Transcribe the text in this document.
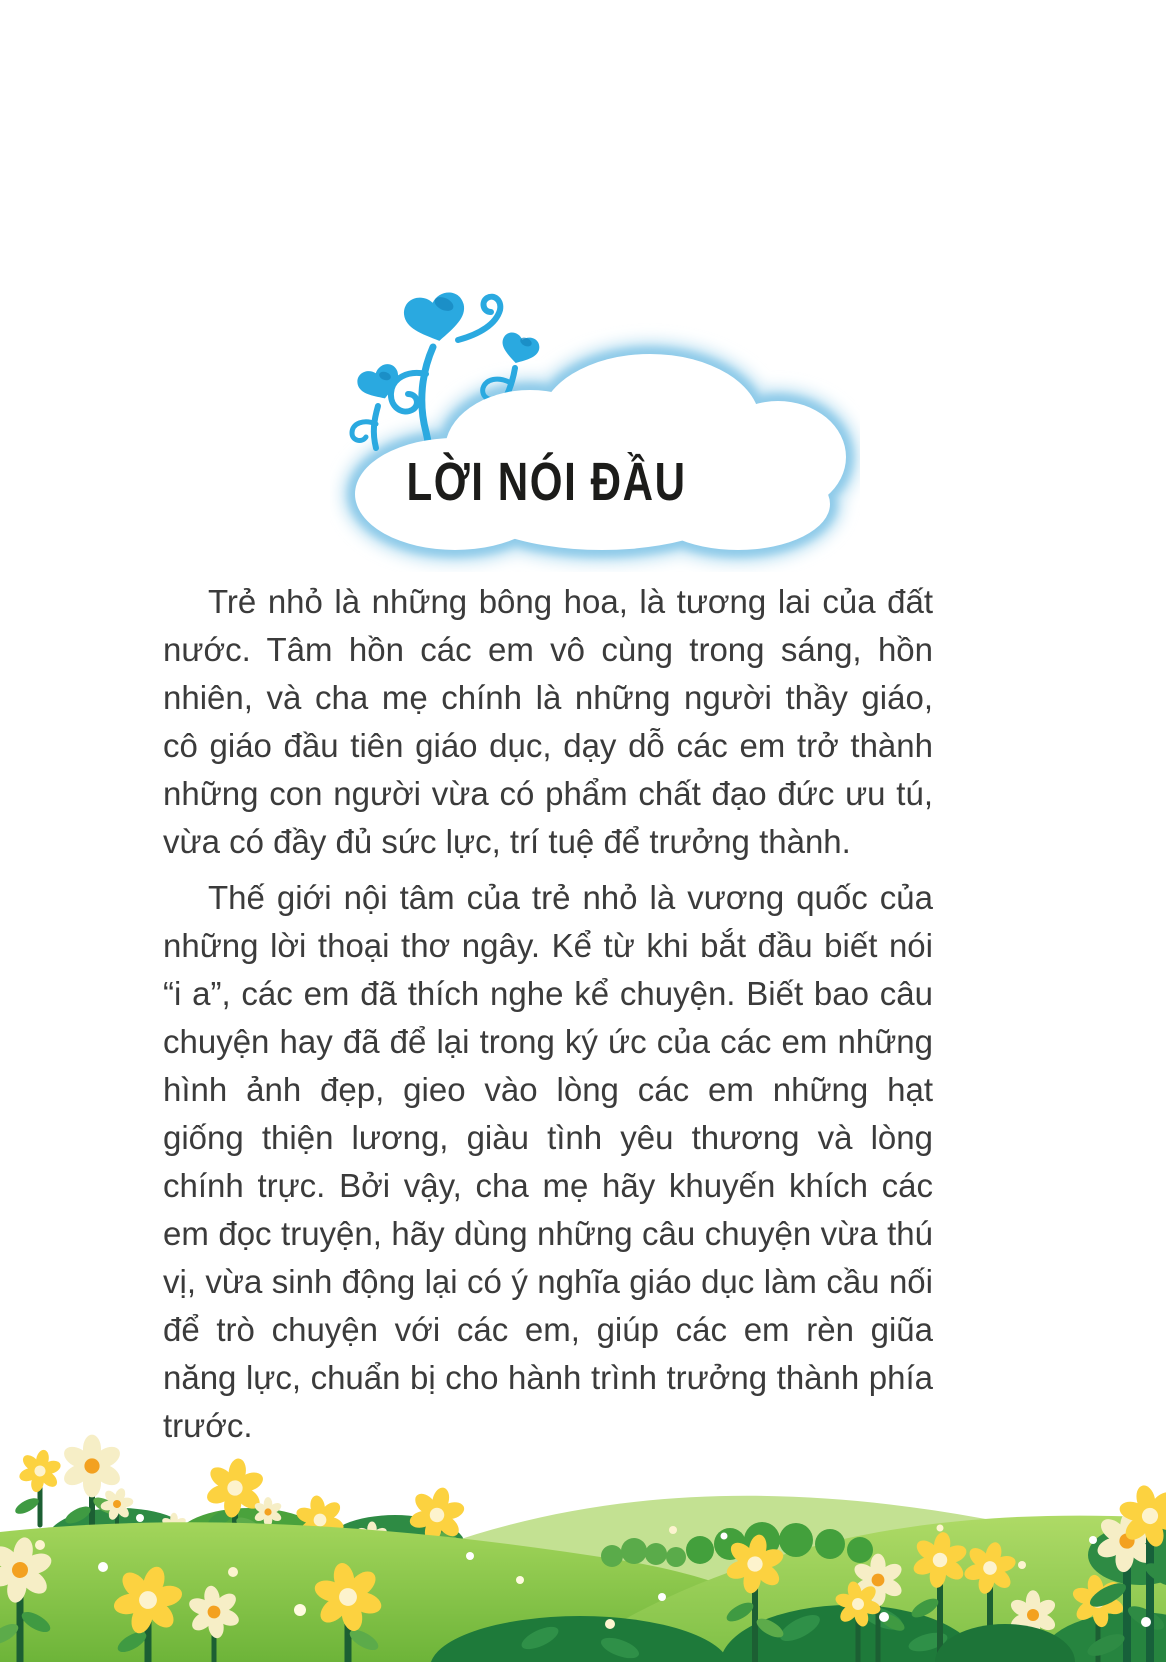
LỜI NÓI ĐẦU

Trẻ nhỏ là những bông hoa, là tương lai của đất nước. Tâm hồn các em vô cùng trong sáng, hồn nhiên, và cha mẹ chính là những người thầy giáo, cô giáo đầu tiên giáo dục, dạy dỗ các em trở thành những con người vừa có phẩm chất đạo đức ưu tú, vừa có đầy đủ sức lực, trí tuệ để trưởng thành.

Thế giới nội tâm của trẻ nhỏ là vương quốc của những lời thoại thơ ngây. Kể từ khi bắt đầu biết nói “i a”, các em đã thích nghe kể chuyện. Biết bao câu chuyện hay đã để lại trong ký ức của các em những hình ảnh đẹp, gieo vào lòng các em những hạt giống thiện lương, giàu tình yêu thương và lòng chính trực. Bởi vậy, cha mẹ hãy khuyến khích các em đọc truyện, hãy dùng những câu chuyện vừa thú vị, vừa sinh động lại có ý nghĩa giáo dục làm cầu nối để trò chuyện với các em, giúp các em rèn giũa năng lực, chuẩn bị cho hành trình trưởng thành phía trước.
